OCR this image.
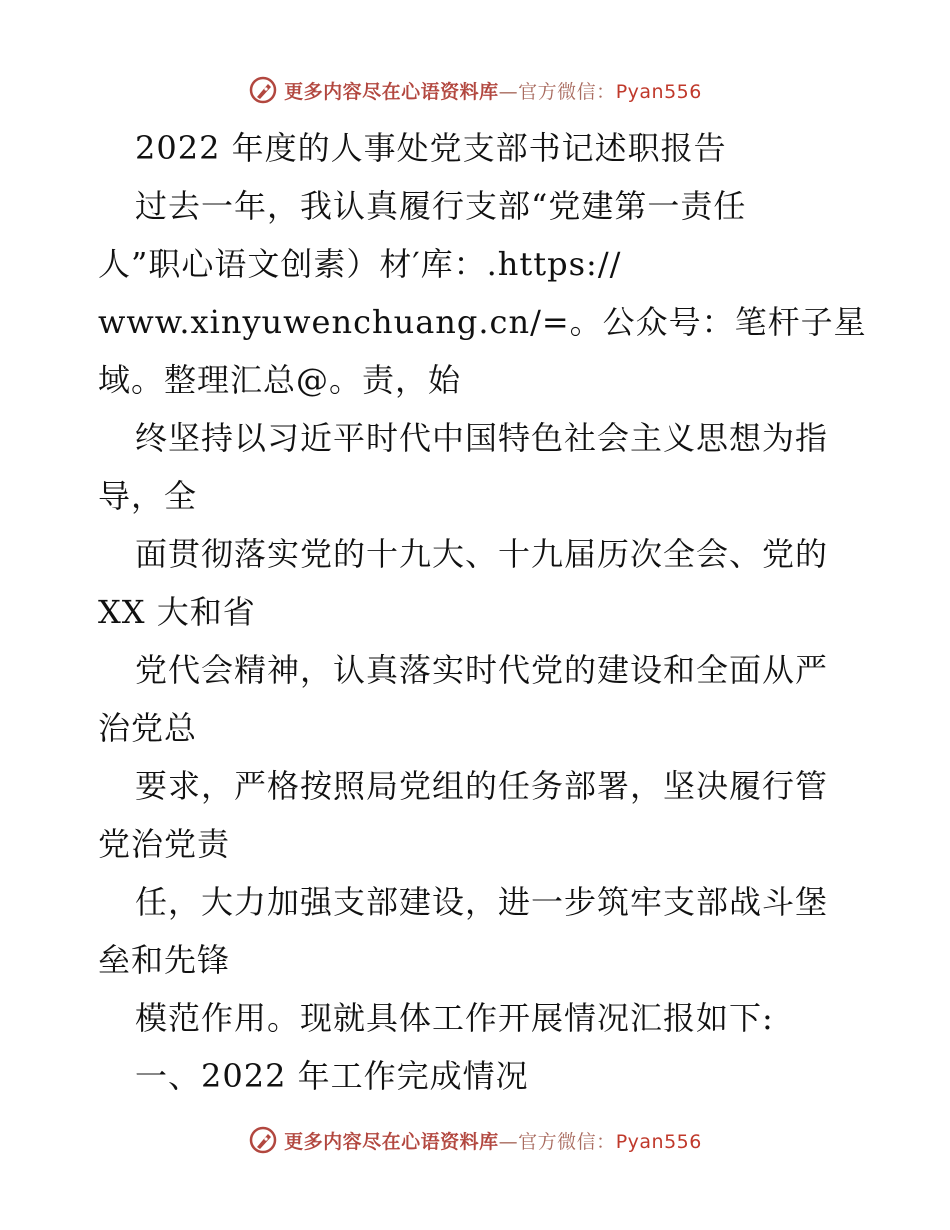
更多内容尽在心语资料库—官方微信：Pyan556
2022 年度的人事处党支部书记述职报告
过去一年，我认真履行支部“党建第一责任
人”职心语文创素）材′库：.https://
www.xinyuwenchuang.cn/=。公众号：笔杆子星
域。整理汇总@。责，始
终坚持以习近平时代中国特色社会主义思想为指
导，全
面贯彻落实党的十九大、十九届历次全会、党的
XX 大和省
党代会精神，认真落实时代党的建设和全面从严
治党总
要求，严格按照局党组的任务部署，坚决履行管
党治党责
任，大力加强支部建设，进一步筑牢支部战斗堡
垒和先锋
模范作用。现就具体工作开展情况汇报如下:
一、2022 年工作完成情况
更多内容尽在心语资料库—官方微信：Pyan556
